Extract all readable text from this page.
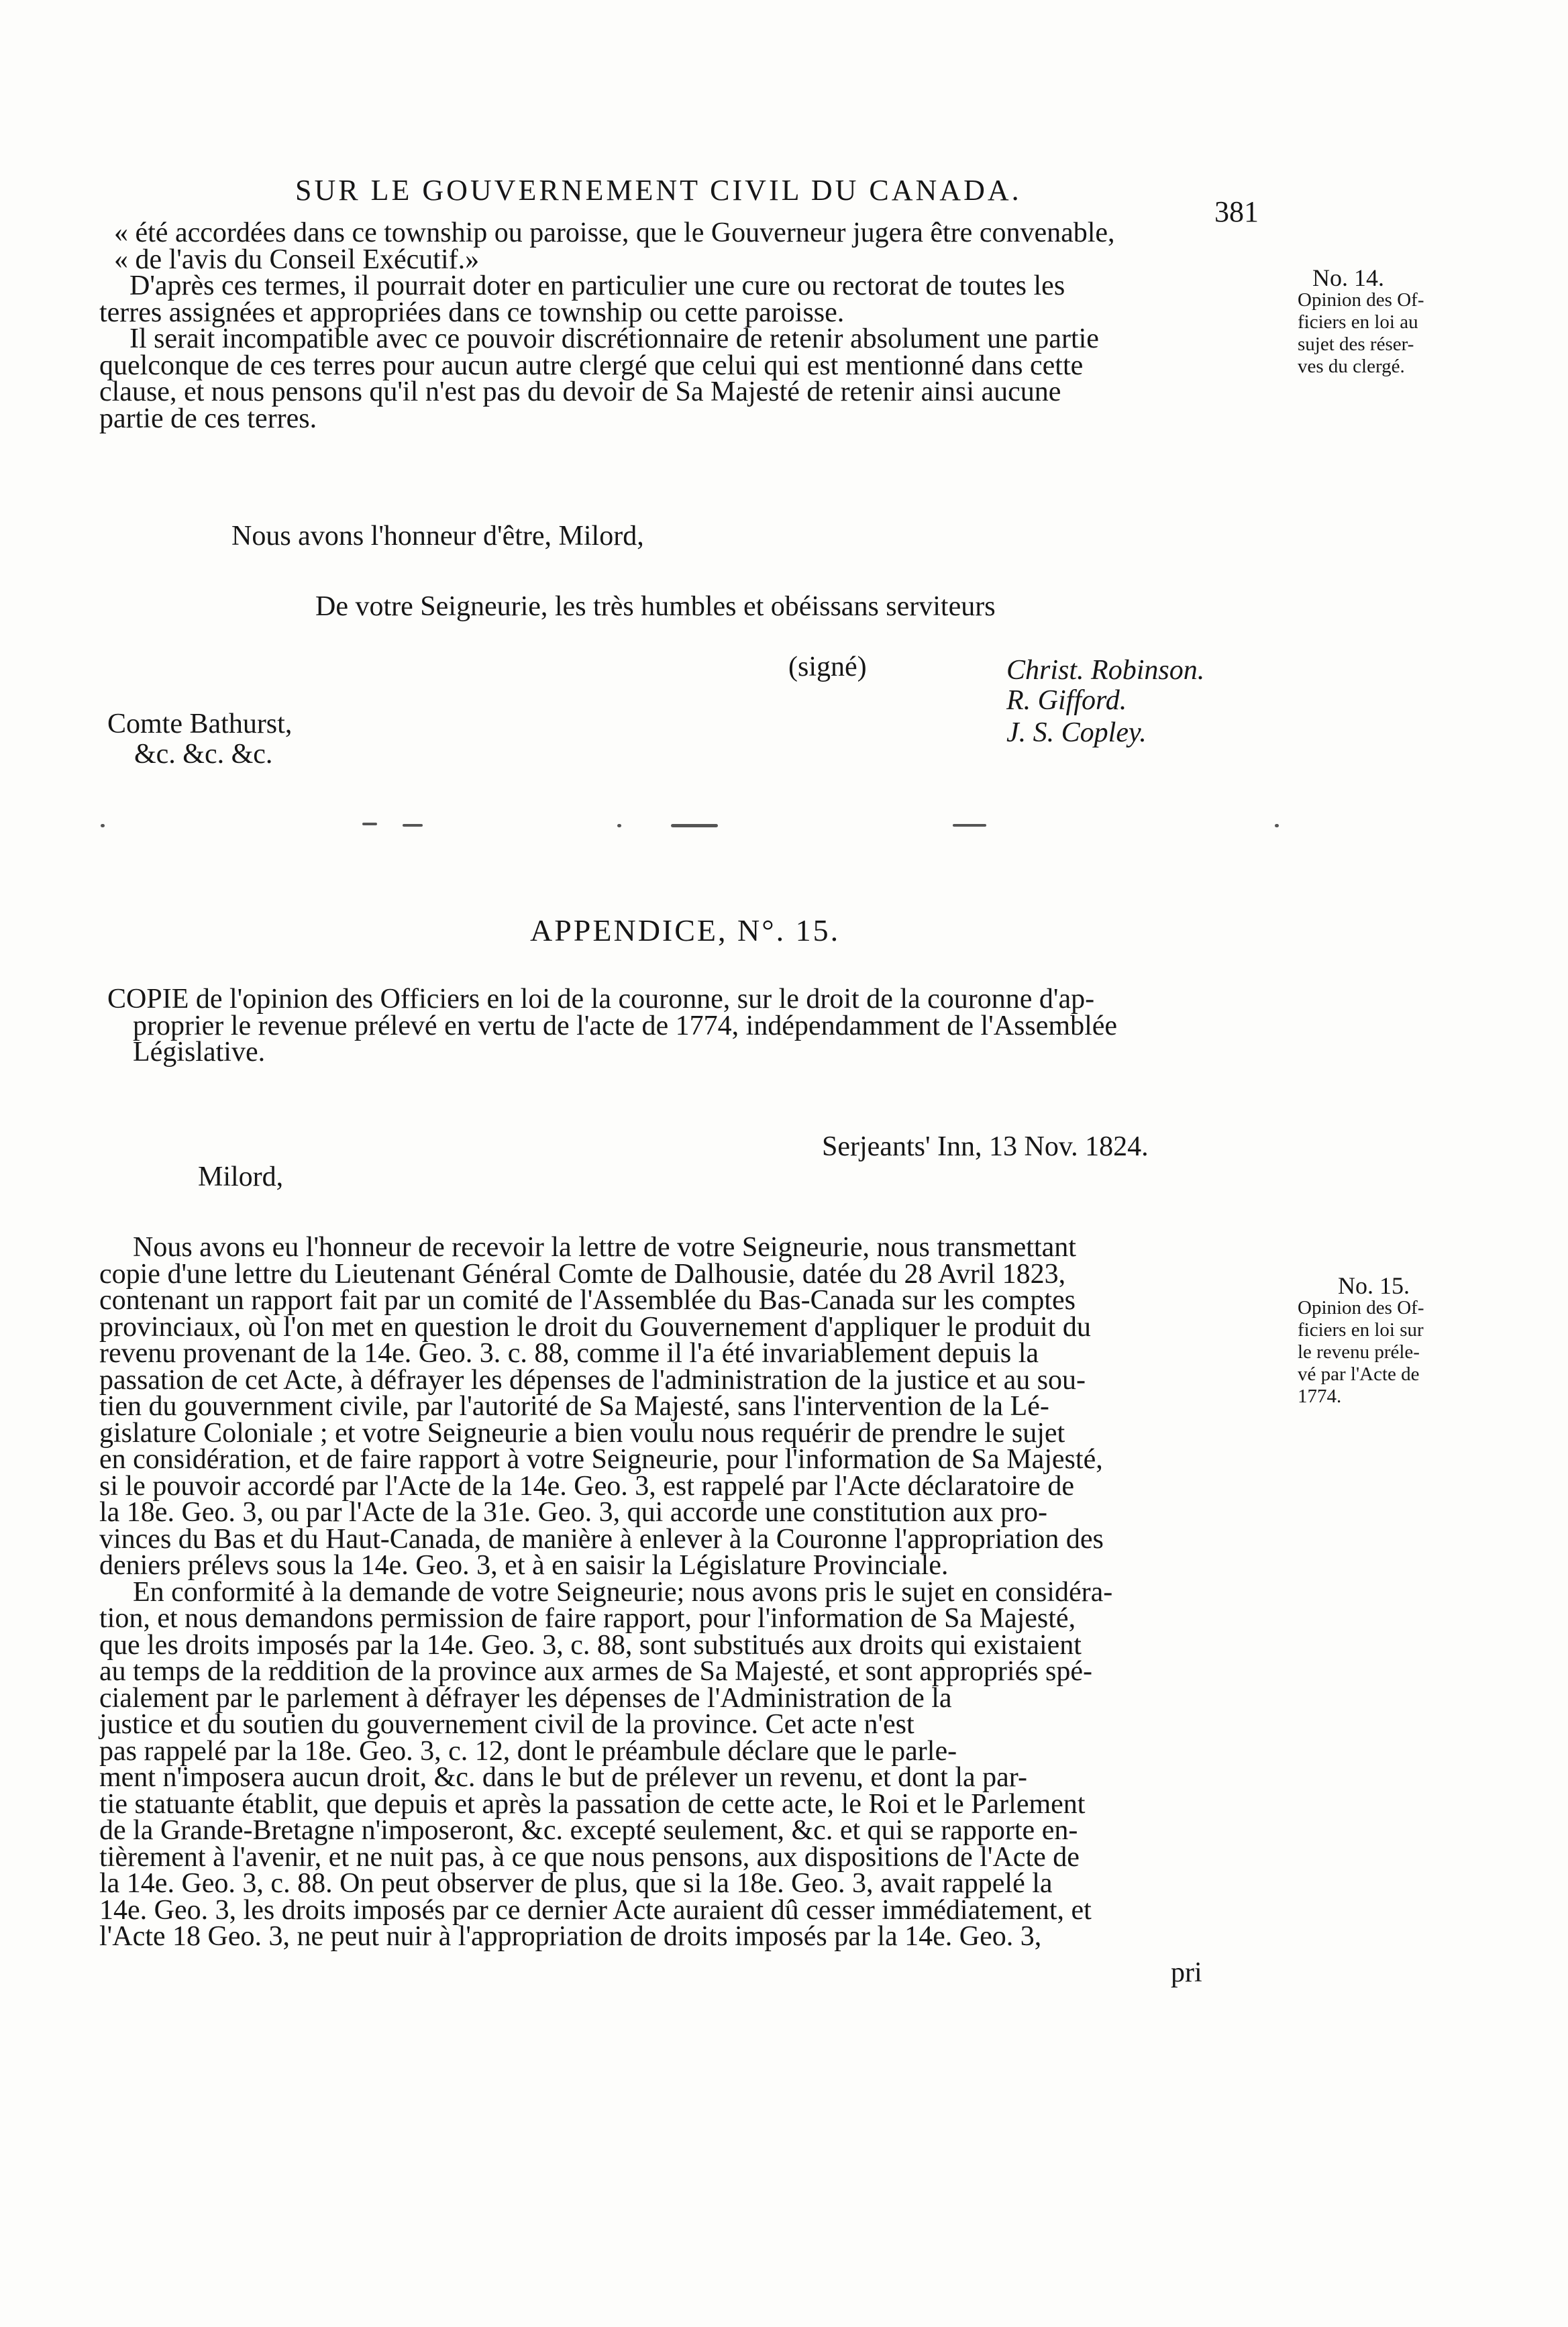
SUR LE GOUVERNEMENT CIVIL DU CANADA.
381
« été accordées dans ce township ou paroisse, que le Gouverneur jugera être convenable,
« de l'avis du Conseil Exécutif.»
D'après ces termes, il pourrait doter en particulier une cure ou rectorat de toutes les
terres assignées et appropriées dans ce township ou cette paroisse.
Il serait incompatible avec ce pouvoir discrétionnaire de retenir absolument une partie
quelconque de ces terres pour aucun autre clergé que celui qui est mentionné dans cette
clause, et nous pensons qu'il n'est pas du devoir de Sa Majesté de retenir ainsi aucune
partie de ces terres.
No. 14.
Opinion des Of-
ficiers en loi au
sujet des réser-
ves du clergé.
Nous avons l'honneur d'être, Milord,
De votre Seigneurie, les très humbles et obéissans serviteurs
(signé)	Christ. Robinson.
R. Gifford.
J. S. Copley.
Comte Bathurst,
&c. &c. &c.
APPENDICE, N°. 15.
COPIE de l'opinion des Officiers en loi de la couronne, sur le droit de la couronne d'ap-
proprier le revenue prélevé en vertu de l'acte de 1774, indépendamment de l'Assemblée
Législative.
Serjeants' Inn, 13 Nov. 1824.
Milord,
Nous avons eu l'honneur de recevoir la lettre de votre Seigneurie, nous transmettant
copie d'une lettre du Lieutenant Général Comte de Dalhousie, datée du 28 Avril 1823,
contenant un rapport fait par un comité de l'Assemblée du Bas-Canada sur les comptes
provinciaux, où l'on met en question le droit du Gouvernement d'appliquer le produit du
revenu provenant de la 14e. Geo. 3. c. 88, comme il l'a été invariablement depuis la
passation de cet Acte, à défrayer les dépenses de l'administration de la justice et au sou-
tien du gouvernment civile, par l'autorité de Sa Majesté, sans l'intervention de la Lé-
gislature Coloniale ; et votre Seigneurie a bien voulu nous requérir de prendre le sujet
en considération, et de faire rapport à votre Seigneurie, pour l'information de Sa Majesté,
si le pouvoir accordé par l'Acte de la 14e. Geo. 3, est rappelé par l'Acte déclaratoire de
la 18e. Geo. 3, ou par l'Acte de la 31e. Geo. 3, qui accorde une constitution aux pro-
vinces du Bas et du Haut-Canada, de manière à enlever à la Couronne l'appropriation des
deniers prélevs sous la 14e. Geo. 3, et à en saisir la Législature Provinciale.
En conformité à la demande de votre Seigneurie; nous avons pris le sujet en considéra-
tion, et nous demandons permission de faire rapport, pour l'information de Sa Majesté,
que les droits imposés par la 14e. Geo. 3, c. 88, sont substitués aux droits qui existaient
au temps de la reddition de la province aux armes de Sa Majesté, et sont appropriés spé-
cialement par le parlement à défrayer les dépenses de l'Administration de la
justice et du soutien du gouvernement civil de la province. Cet acte n'est
pas rappelé par la 18e. Geo. 3, c. 12, dont le préambule déclare que le parle-
ment n'imposera aucun droit, &c. dans le but de prélever un revenu, et dont la par-
tie statuante établit, que depuis et après la passation de cette acte, le Roi et le Parlement
de la Grande-Bretagne n'imposeront, &c. excepté seulement, &c. et qui se rapporte en-
tièrement à l'avenir, et ne nuit pas, à ce que nous pensons, aux dispositions de l'Acte de
la 14e. Geo. 3, c. 88. On peut observer de plus, que si la 18e. Geo. 3, avait rappelé la
14e. Geo. 3, les droits imposés par ce dernier Acte auraient dû cesser immédiatement, et
l'Acte 18 Geo. 3, ne peut nuir à l'appropriation de droits imposés par la 14e. Geo. 3,
pri
No. 15.
Opinion des Of-
ficiers en loi sur
le revenu préle-
vé par l'Acte de
1774.
